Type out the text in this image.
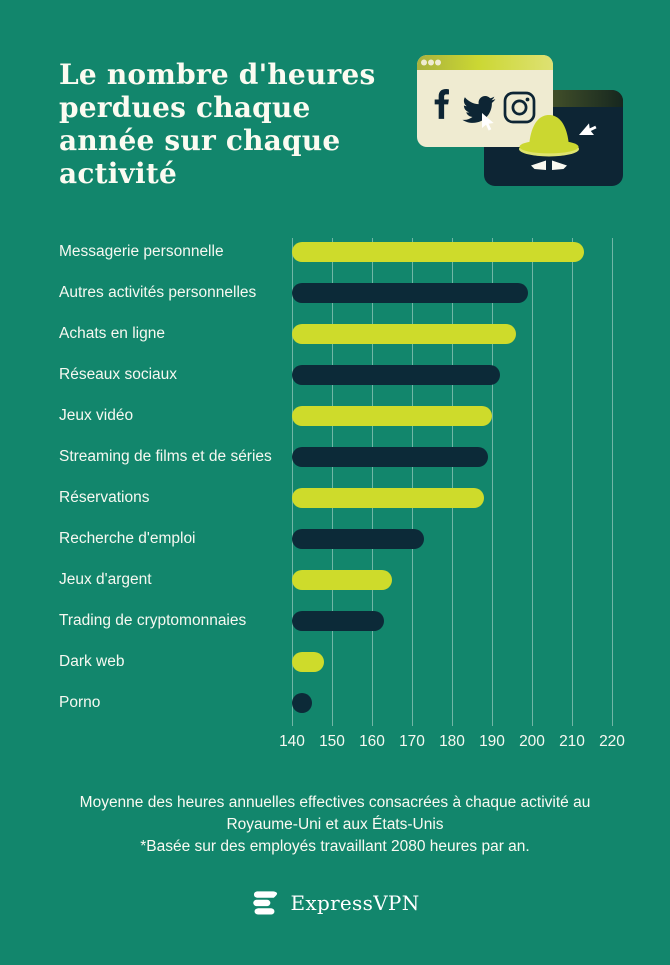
Le nombre d'heures
perdues chaque
année sur chaque
activité
Messagerie personnelle
Autres activités personnelles
Achats en ligne
Réseaux sociaux
Jeux vidéo
Streaming de films et de séries
Réservations
Recherche d'emploi
Jeux d'argent
Trading de cryptomonnaies
Dark web
Porno
140 150 160 170 180 190 200 210 220
Moyenne des heures annuelles effectives consacrées à chaque activité au
Royaume-Uni et aux États-Unis
*Basée sur des employés travaillant 2080 heures par an.
ExpressVPN
